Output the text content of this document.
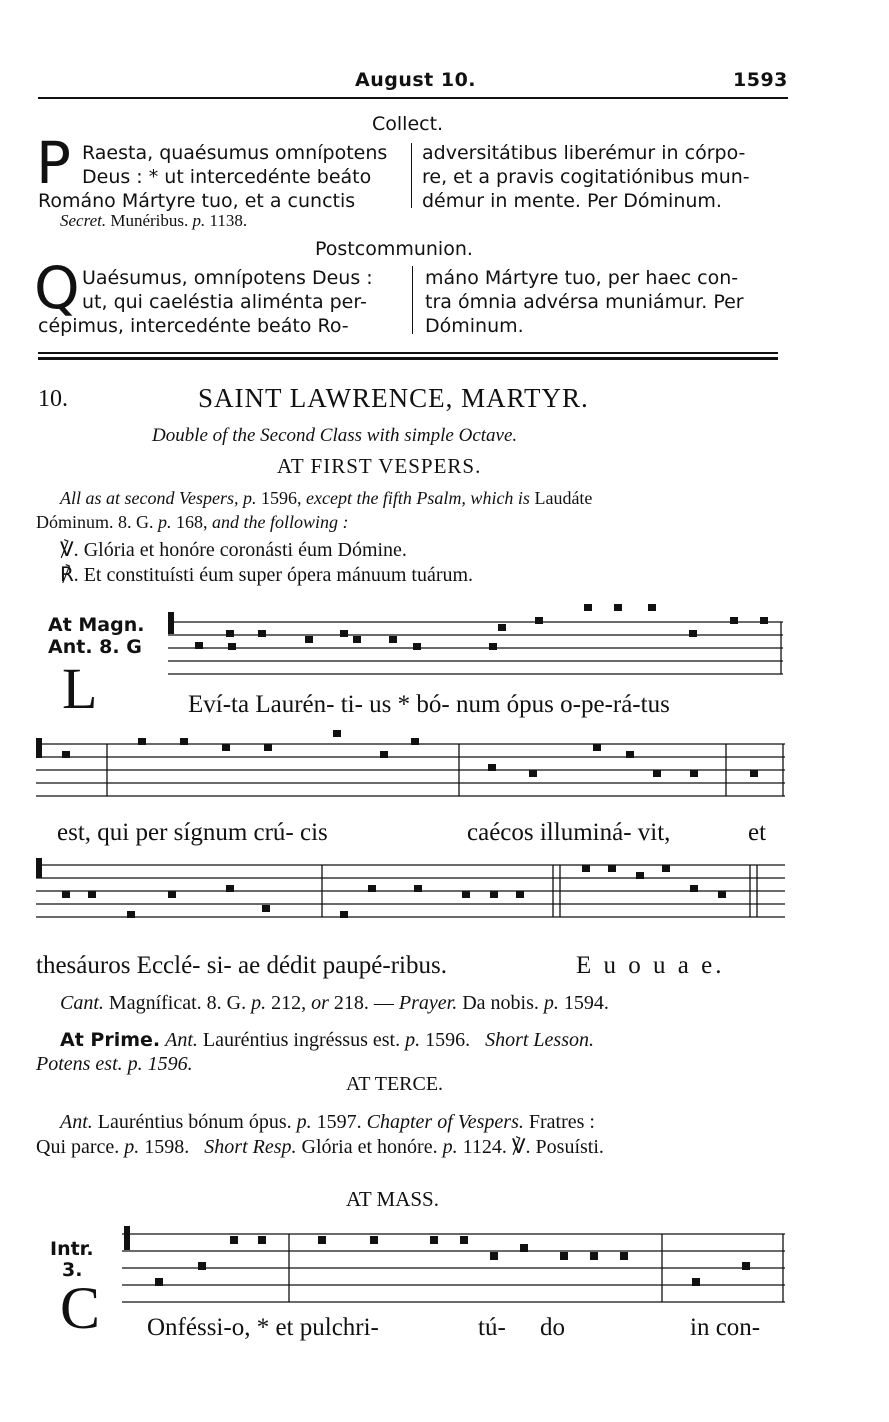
August 10.	1593
Collect.
P Raesta, quaésumus omnípotens
Deus : * ut intercedénte beáto
Románo Mártyre tuo, et a cunctis
adversitátibus liberémur in córpo-
re, et a pravis cogitatiónibus mun-
démur in mente. Per Dóminum.
Secret. Munéribus. p. 1138.
Postcommunion.
Q Uaésumus, omnípotens Deus :
ut, qui caeléstia aliménta per-
cépimus, intercedénte beáto Ro-
máno Mártyre tuo, per haec con-
tra ómnia advérsa muniámur. Per
Dóminum.
10.	SAINT LAWRENCE, MARTYR.
Double of the Second Class with simple Octave.
AT FIRST VESPERS.
All as at second Vespers, p. 1596, except the fifth Psalm, which is Laudáte
Dóminum. 8. G. p. 168, and the following :
℣. Glória et honóre coronásti éum Dómine.
℟. Et constituísti éum super ópera mánuum tuárum.
At Magn.
Ant. 8. G
L	Eví-ta Laurén- ti- us * bó- num ópus o-pe-rá-tus
est, qui per sígnum crú- cis	caécos illuminá- vit,	et
thesáuros Ecclé- si- ae dédit paupé-ribus.	E u o u a e.
Cant. Magníficat. 8. G. p. 212, or 218. — Prayer. Da nobis. p. 1594.
At Prime. Ant. Lauréntius ingréssus est. p. 1596. Short Lesson.
Potens est. p. 1596.
AT TERCE.
Ant. Lauréntius bónum ópus. p. 1597. Chapter of Vespers. Fratres :
Qui parce. p. 1598. Short Resp. Glória et honóre. p. 1124. ℣. Posuísti.
AT MASS.
Intr.
3.
C Onféssi-o, * et pulchri-	tú- do	in con-
